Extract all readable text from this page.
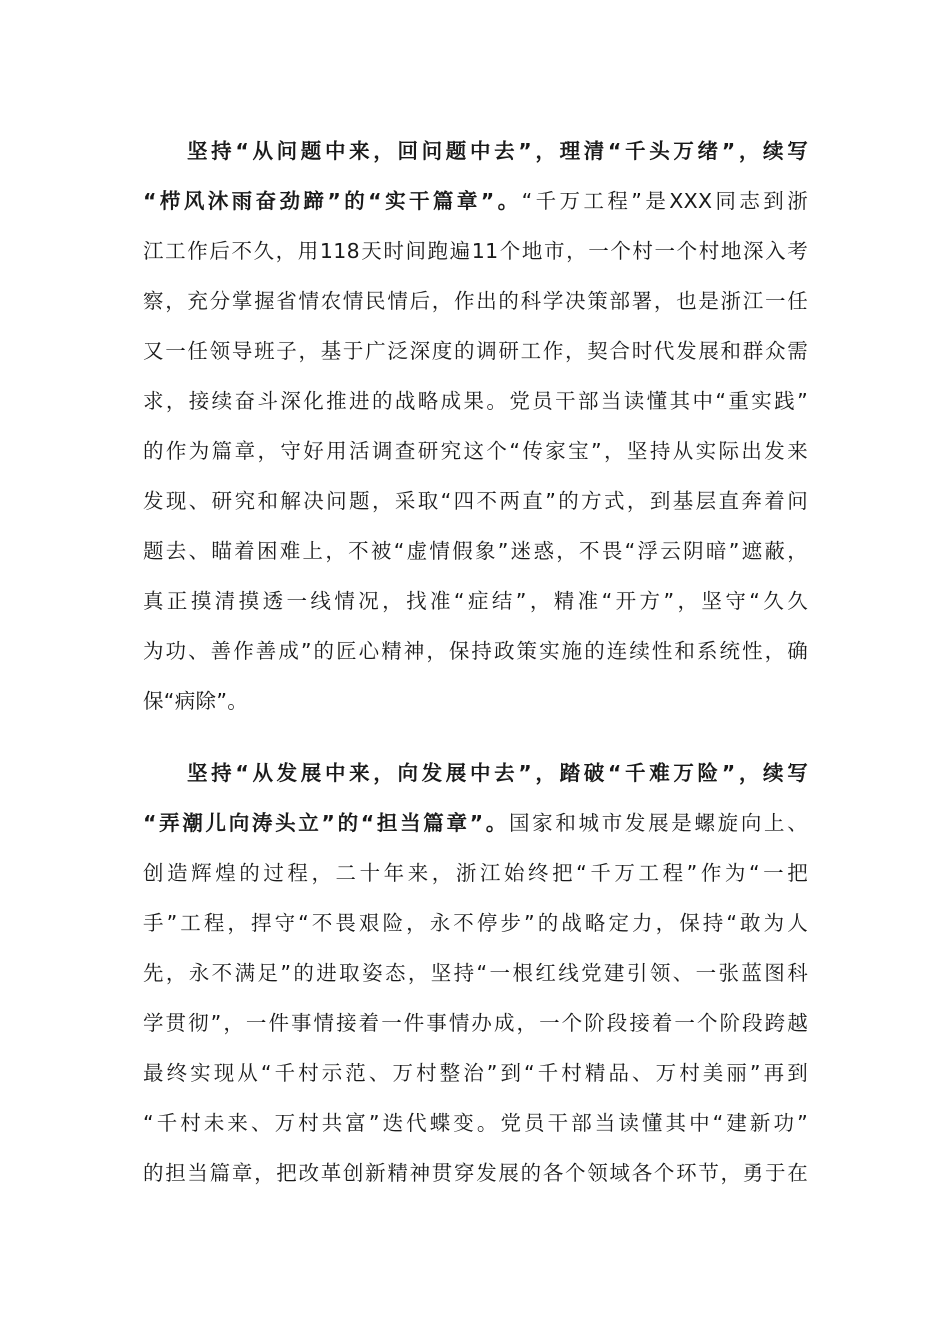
坚持“从问题中来，回问题中去”，理清“千头万绪”，续写
“栉风沐雨奋劲蹄”的“实干篇章”。“千万工程”是XXX同志到浙
江工作后不久，用118天时间跑遍11个地市，一个村一个村地深入考
察，充分掌握省情农情民情后，作出的科学决策部署，也是浙江一任
又一任领导班子，基于广泛深度的调研工作，契合时代发展和群众需
求，接续奋斗深化推进的战略成果。党员干部当读懂其中“重实践”
的作为篇章，守好用活调查研究这个“传家宝”，坚持从实际出发来
发现、研究和解决问题，采取“四不两直”的方式，到基层直奔着问
题去、瞄着困难上，不被“虚情假象”迷惑，不畏“浮云阴暗”遮蔽，
真正摸清摸透一线情况，找准“症结”，精准“开方”，坚守“久久
为功、善作善成”的匠心精神，保持政策实施的连续性和系统性，确
保“病除”。
坚持“从发展中来，向发展中去”，踏破“千难万险”，续写
“弄潮儿向涛头立”的“担当篇章”。国家和城市发展是螺旋向上、
创造辉煌的过程，二十年来，浙江始终把“千万工程”作为“一把
手”工程，捍守“不畏艰险，永不停步”的战略定力，保持“敢为人
先，永不满足”的进取姿态，坚持“一根红线党建引领、一张蓝图科
学贯彻”，一件事情接着一件事情办成，一个阶段接着一个阶段跨越
最终实现从“千村示范、万村整治”到“千村精品、万村美丽”再到
“千村未来、万村共富”迭代蝶变。党员干部当读懂其中“建新功”
的担当篇章，把改革创新精神贯穿发展的各个领域各个环节，勇于在
